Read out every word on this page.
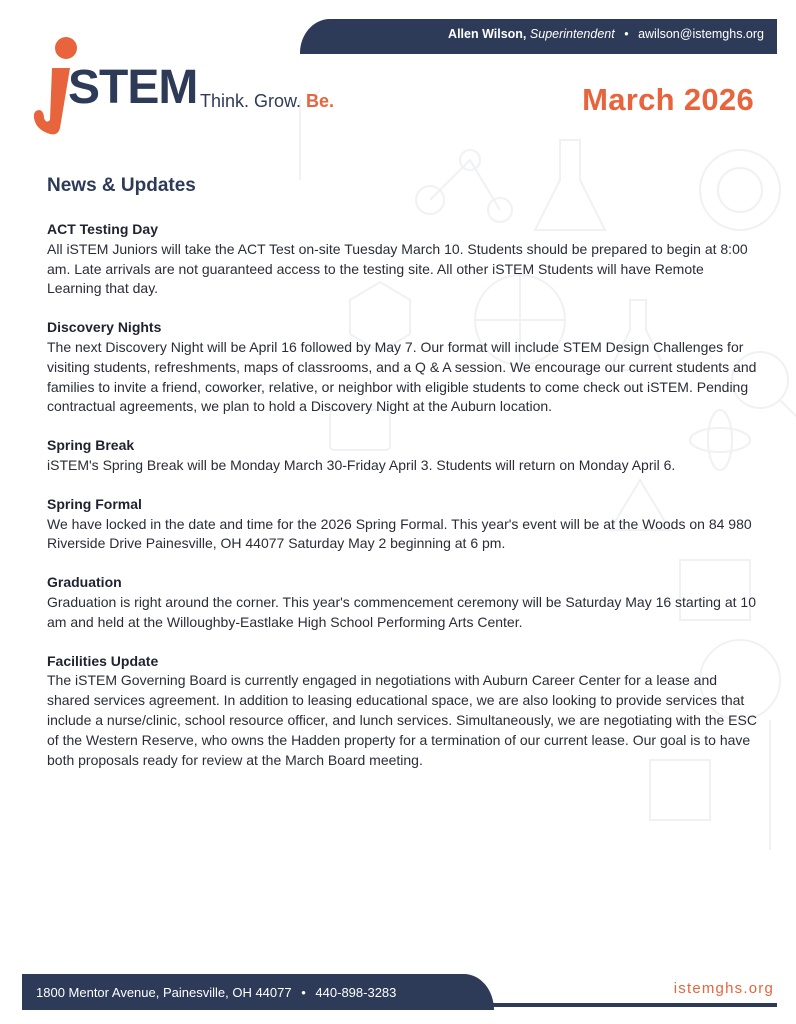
Allen Wilson, Superintendent • awilson@istemghs.org
STEM Think. Grow. Be.	March 2026
News & Updates
ACT Testing Day

All iSTEM Juniors will take the ACT Test on-site Tuesday March 10. Students should be prepared to begin at 8:00 am. Late arrivals are not guaranteed access to the testing site. All other iSTEM Students will have Remote Learning that day.

Discovery Nights

The next Discovery Night will be April 16 followed by May 7. Our format will include STEM Design Challenges for visiting students, refreshments, maps of classrooms, and a Q & A session. We encourage our current students and families to invite a friend, coworker, relative, or neighbor with eligible students to come check out iSTEM. Pending contractual agreements, we plan to hold a Discovery Night at the Auburn location.

Spring Break

iSTEM's Spring Break will be Monday March 30-Friday April 3. Students will return on Monday April 6.

Spring Formal

We have locked in the date and time for the 2026 Spring Formal. This year's event will be at the Woods on 84 980 Riverside Drive Painesville, OH 44077 Saturday May 2 beginning at 6 pm.

Graduation

Graduation is right around the corner. This year's commencement ceremony will be Saturday May 16 starting at 10 am and held at the Willoughby-Eastlake High School Performing Arts Center.

Facilities Update

The iSTEM Governing Board is currently engaged in negotiations with Auburn Career Center for a lease and shared services agreement. In addition to leasing educational space, we are also looking to provide services that include a nurse/clinic, school resource officer, and lunch services. Simultaneously, we are negotiating with the ESC of the Western Reserve, who owns the Hadden property for a termination of our current lease. Our goal is to have both proposals ready for review at the March Board meeting.

1800 Mentor Avenue, Painesville, OH 44077 • 440-898-3283	istemghs.org
